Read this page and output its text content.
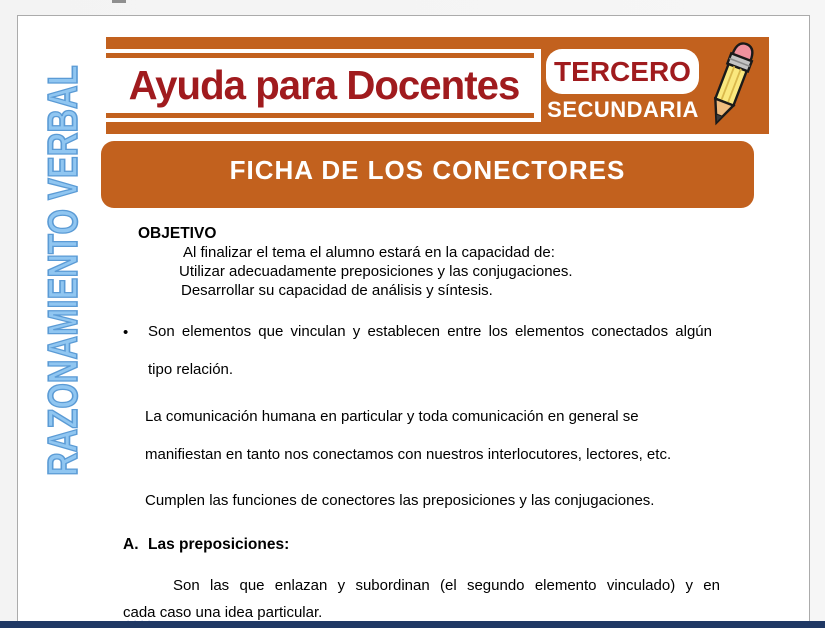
Ayuda para Docentes	TERCERO
SECUNDARIA
FICHA DE LOS CONECTORES
RAZONAMIENTO VERBAL	OBJETIVO
Al finalizar el tema el alumno estará en la capacidad de:
Utilizar adecuadamente preposiciones y las conjugaciones.
Desarrollar su capacidad de análisis y síntesis.
• Son elementos que vinculan y establecen entre los elementos conectados algún
tipo relación.
La comunicación humana en particular y toda comunicación en general se
manifiestan en tanto nos conectamos con nuestros interlocutores, lectores, etc.
Cumplen las funciones de conectores las preposiciones y las conjugaciones.
A. Las preposiciones:
Son las que enlazan y subordinan (el segundo elemento vinculado) y en
cada caso una idea particular.
